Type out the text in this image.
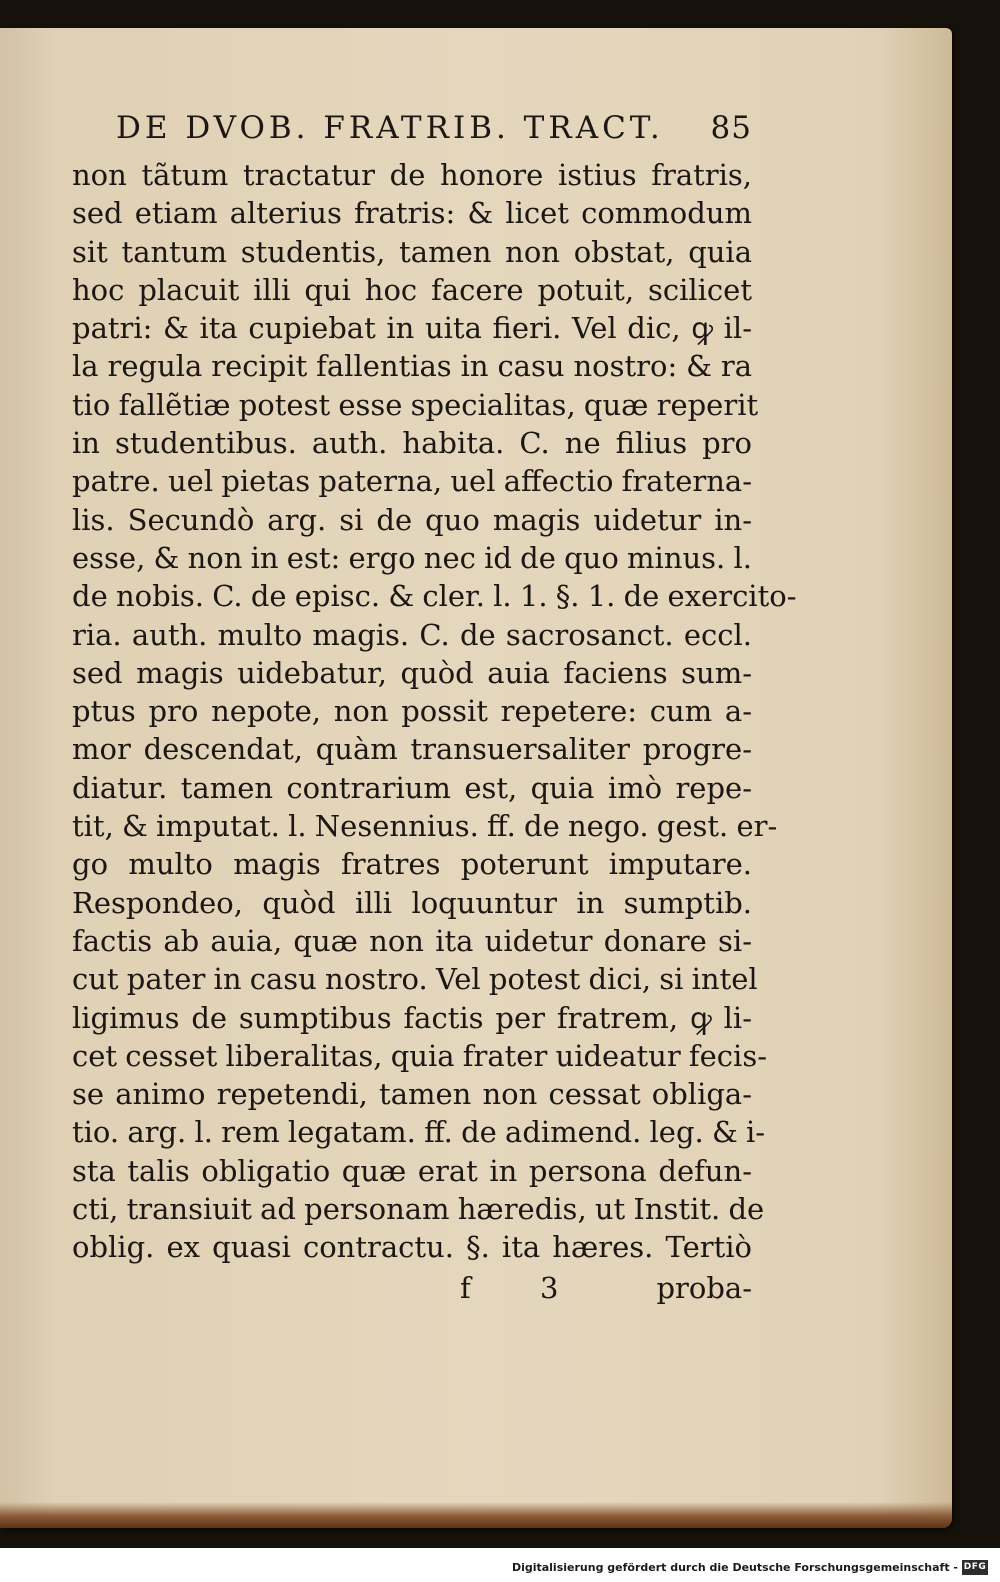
DE DVOB. FRATRIB. TRACT. 85
non tãtum tractatur de honore istius fratris,
sed etiam alterius fratris: & licet commodum
sit tantum studentis, tamen non obstat, quia
hoc placuit illi qui hoc facere potuit, scilicet
patri: & ita cupiebat in uita fieri. Vel dic, ꝙ il-
la regula recipit fallentias in casu nostro: & ra
tio fallẽtiæ potest esse specialitas, quæ reperit
in studentibus. auth. habita. C. ne filius pro
patre. uel pietas paterna, uel affectio fraterna-
lis. Secundò arg. si de quo magis uidetur in-
esse, & non in est: ergo nec id de quo minus. l.
de nobis. C. de episc. & cler. l. 1. §. 1. de exercito-
ria. auth. multo magis. C. de sacrosanct. eccl.
sed magis uidebatur, quòd auia faciens sum-
ptus pro nepote, non possit repetere: cum a-
mor descendat, quàm transuersaliter progre-
diatur. tamen contrarium est, quia imò repe-
tit, & imputat. l. Nesennius. ff. de nego. gest. er-
go multo magis fratres poterunt imputare.
Respondeo, quòd illi loquuntur in sumptib.
factis ab auia, quæ non ita uidetur donare si-
cut pater in casu nostro. Vel potest dici, si intel
ligimus de sumptibus factis per fratrem, ꝙ li-
cet cesset liberalitas, quia frater uideatur fecis-
se animo repetendi, tamen non cessat obliga-
tio. arg. l. rem legatam. ff. de adimend. leg. & i-
sta talis obligatio quæ erat in persona defun-
cti, transiuit ad personam hæredis, ut Instit. de
oblig. ex quasi contractu. §. ita hæres. Tertiò
f 3 proba-
Digitalisierung gefördert durch die Deutsche Forschungsgemeinschaft - DFG
